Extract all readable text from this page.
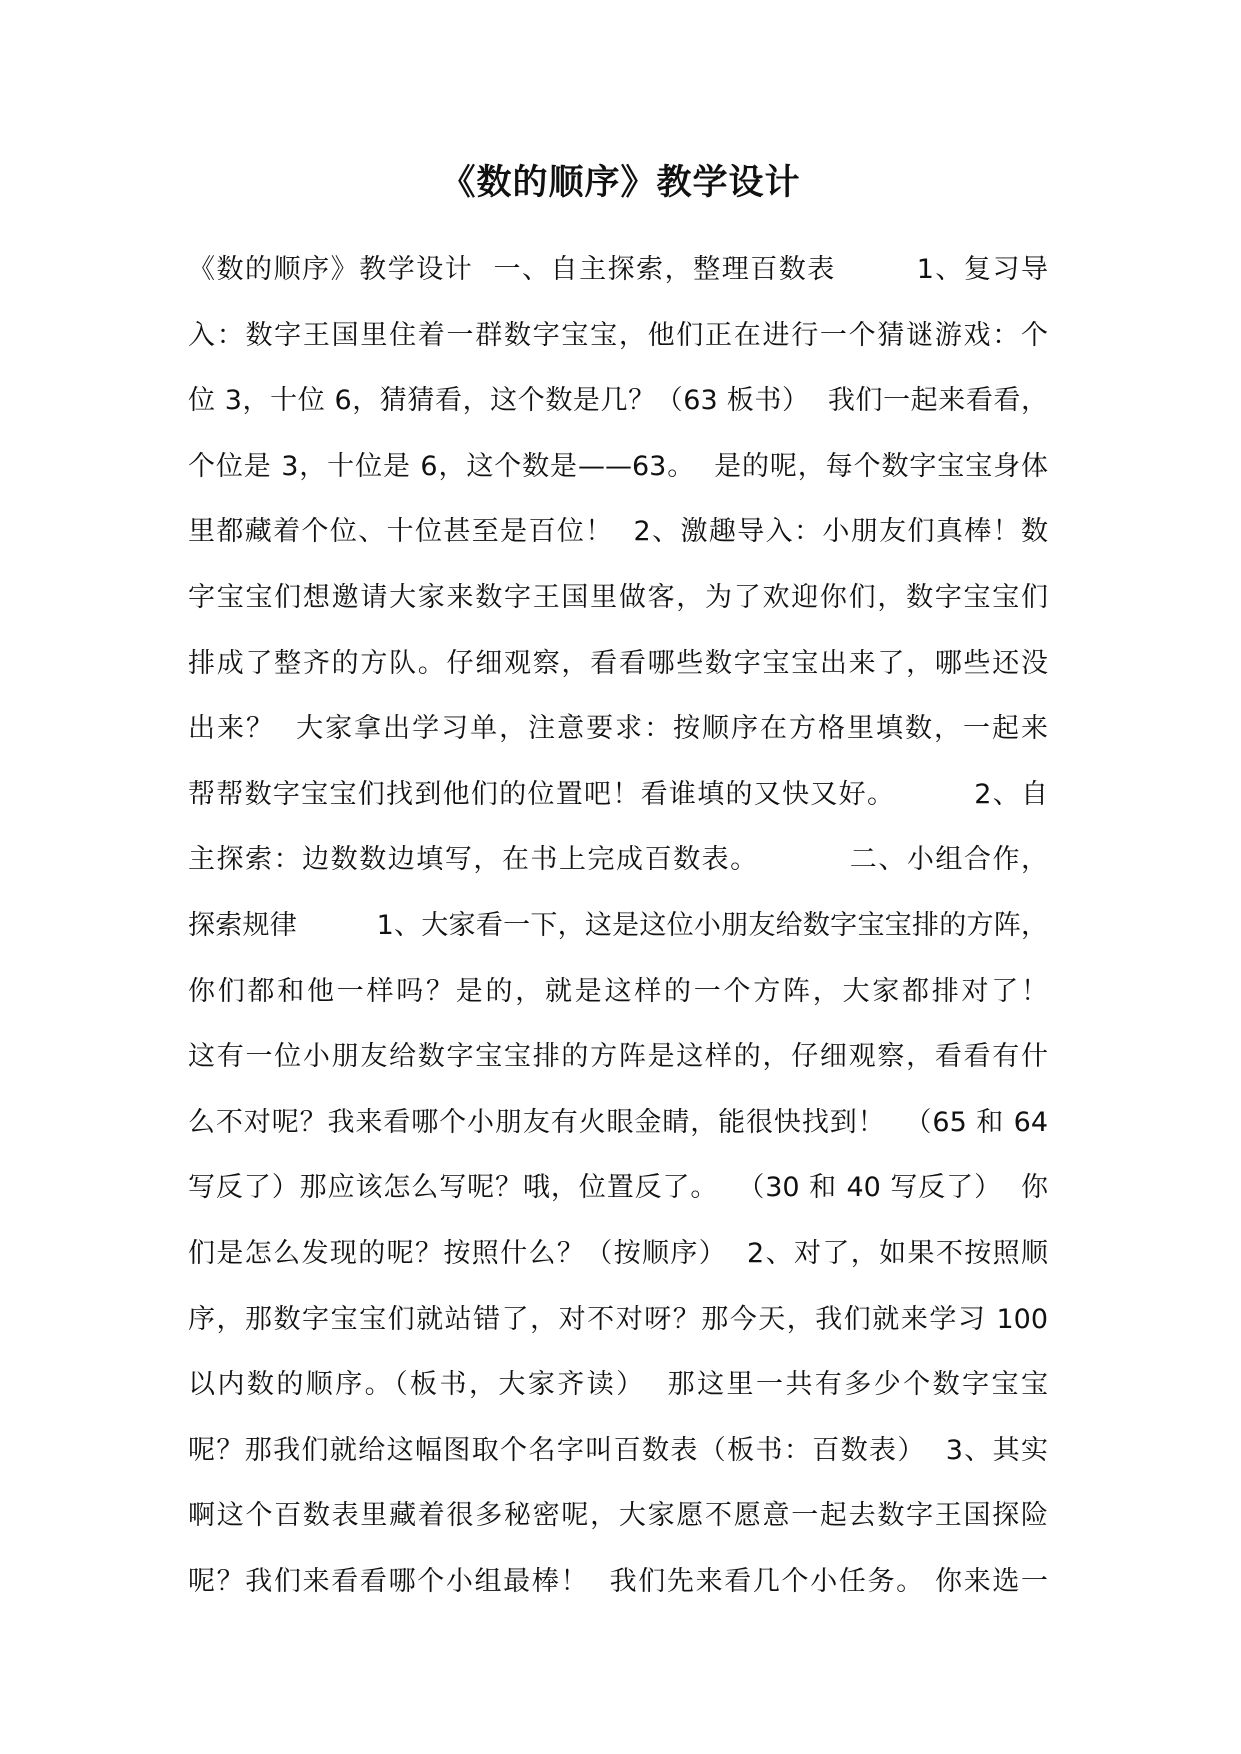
《数的顺序》教学设计
《数的顺序》教学设计  一、自主探索，整理百数表        1、复习导
入：数字王国里住着一群数字宝宝，他们正在进行一个猜谜游戏：个
位 3，十位 6，猜猜看，这个数是几？（63 板书）  我们一起来看看，
个位是 3，十位是 6，这个数是——63。  是的呢，每个数字宝宝身体
里都藏着个位、十位甚至是百位！  2、激趣导入：小朋友们真棒！数
字宝宝们想邀请大家来数字王国里做客，为了欢迎你们，数字宝宝们
排成了整齐的方队。仔细观察，看看哪些数字宝宝出来了，哪些还没
出来？  大家拿出学习单，注意要求：按顺序在方格里填数，一起来
帮帮数字宝宝们找到他们的位置吧！看谁填的又快又好。        2、自
主探索：边数数边填写，在书上完成百数表。         二、小组合作，
探索规律         1、大家看一下，这是这位小朋友给数字宝宝排的方阵，
你们都和他一样吗？是的，就是这样的一个方阵，大家都排对了！
这有一位小朋友给数字宝宝排的方阵是这样的，仔细观察，看看有什
么不对呢？我来看哪个小朋友有火眼金睛，能很快找到！  （65 和 64
写反了）那应该怎么写呢？哦，位置反了。  （30 和 40 写反了）  你
们是怎么发现的呢？按照什么？（按顺序）  2、对了，如果不按照顺
序，那数字宝宝们就站错了，对不对呀？那今天，我们就来学习 100
以内数的顺序。（板书，大家齐读）  那这里一共有多少个数字宝宝
呢？那我们就给这幅图取个名字叫百数表（板书：百数表）  3、其实
啊这个百数表里藏着很多秘密呢，大家愿不愿意一起去数字王国探险
呢？我们来看看哪个小组最棒！  我们先来看几个小任务。 你来选一
